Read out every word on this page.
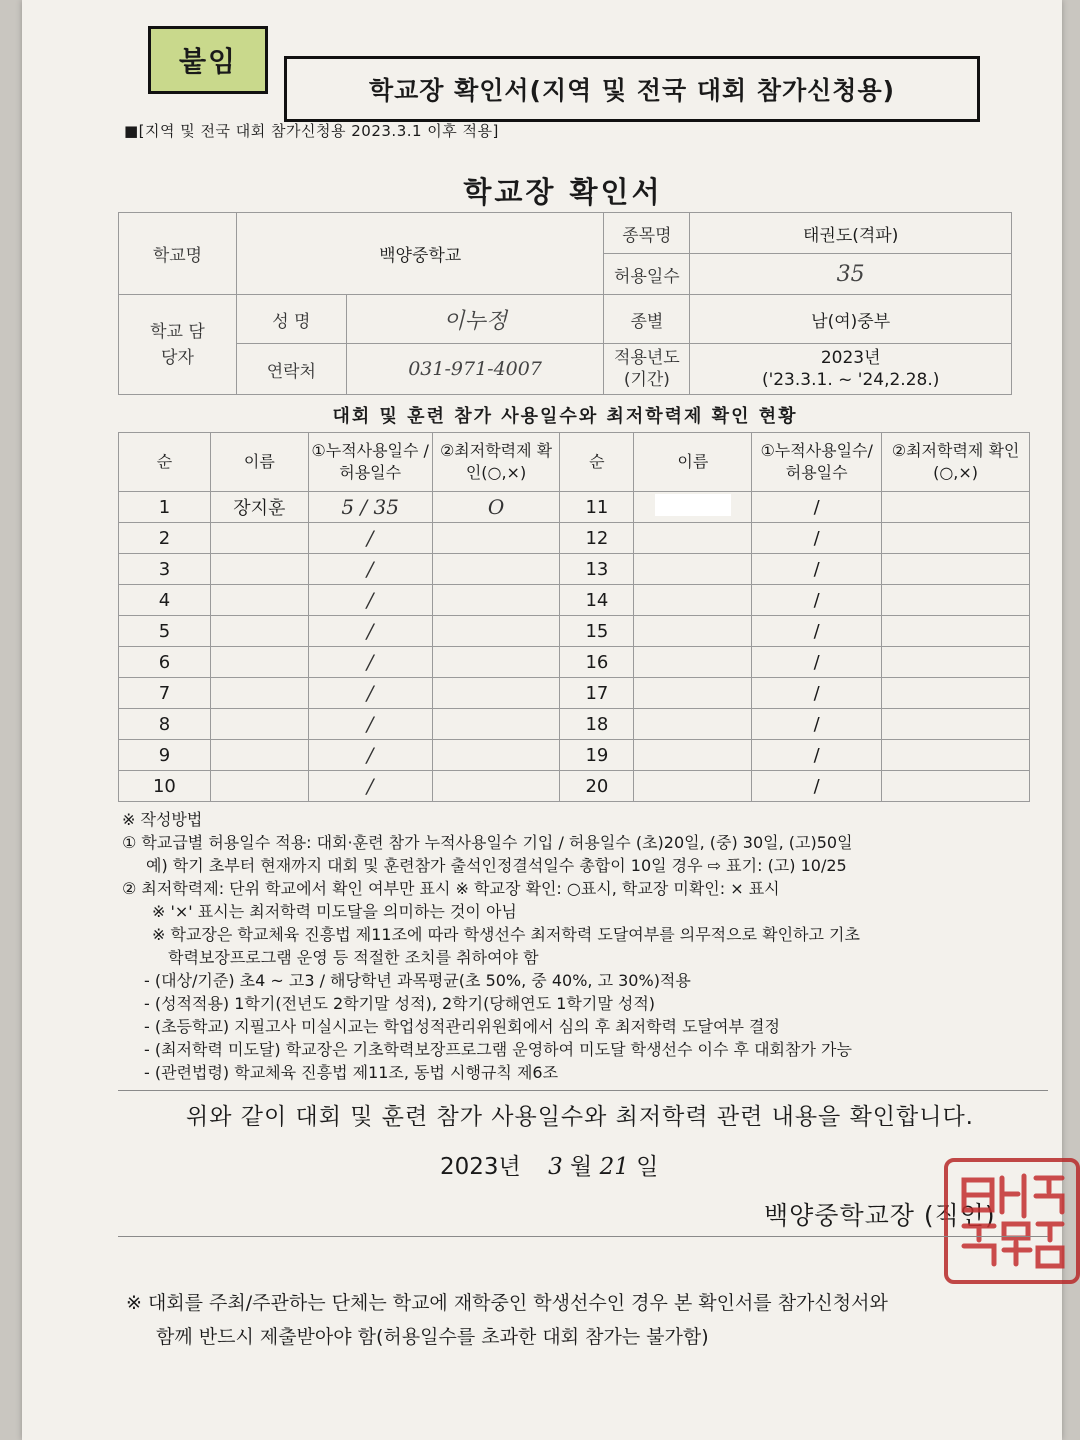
붙임
학교장 확인서(지역 및 전국 대회 참가신청용)
■[지역 및 전국 대회 참가신청용 2023.3.1 이후 적용]
학교장 확인서
학교명	백양중학교		종목명	태권도(격파)
			허용일수	35
학교 담당자	성 명	이누정	종별	남(여)중부
	연락처	031-971-4007	적용년도 (기간)	2023년
('23.3.1. ~ '24,2.28.)
대회 및 훈련 참가 사용일수와 최저학력제 확인 현황
순	이름	①누적사용일수 /허용일수	②최저학력제 확인(○,×)	순	이름	①누적사용일수/ 허용일수	②최저학력제 확인(○,×)
1	장지훈	5 / 35	O	11		/	
2		/		12		/	
3		/		13		/	
4		/		14		/	
5		/		15		/	
6		/		16		/	
7		/		17		/	
8		/		18		/	
9		/		19		/	
10		/		20		/	
※ 작성방법
① 학교급별 허용일수 적용: 대회·훈련 참가 누적사용일수 기입 / 허용일수 (초)20일, (중) 30일, (고)50일
예) 학기 초부터 현재까지 대회 및 훈련참가 출석인정결석일수 총합이 10일 경우 ⇨ 표기: (고) 10/25
② 최저학력제: 단위 학교에서 확인 여부만 표시 ※ 학교장 확인: ○표시, 학교장 미확인: × 표시
※ '×' 표시는 최저학력 미도달을 의미하는 것이 아님
※ 학교장은 학교체육 진흥법 제11조에 따라 학생선수 최저학력 도달여부를 의무적으로 확인하고 기초
학력보장프로그램 운영 등 적절한 조치를 취하여야 함
- (대상/기준) 초4 ~ 고3 / 해당학년 과목평균(초 50%, 중 40%, 고 30%)적용
- (성적적용) 1학기(전년도 2학기말 성적), 2학기(당해연도 1학기말 성적)
- (초등학교) 지필고사 미실시교는 학업성적관리위원회에서 심의 후 최저학력 도달여부 결정
- (최저학력 미도달) 학교장은 기초학력보장프로그램 운영하여 미도달 학생선수 이수 후 대회참가 가능
- (관련법령) 학교체육 진흥법 제11조, 동법 시행규칙 제6조
위와 같이 대회 및 훈련 참가 사용일수와 최저학력 관련 내용을 확인합니다.
2023년 3 월 21 일
백양중학교장 (직인)
※ 대회를 주최/주관하는 단체는 학교에 재학중인 학생선수인 경우 본 확인서를 참가신청서와
함께 반드시 제출받아야 함(허용일수를 초과한 대회 참가는 불가함)
